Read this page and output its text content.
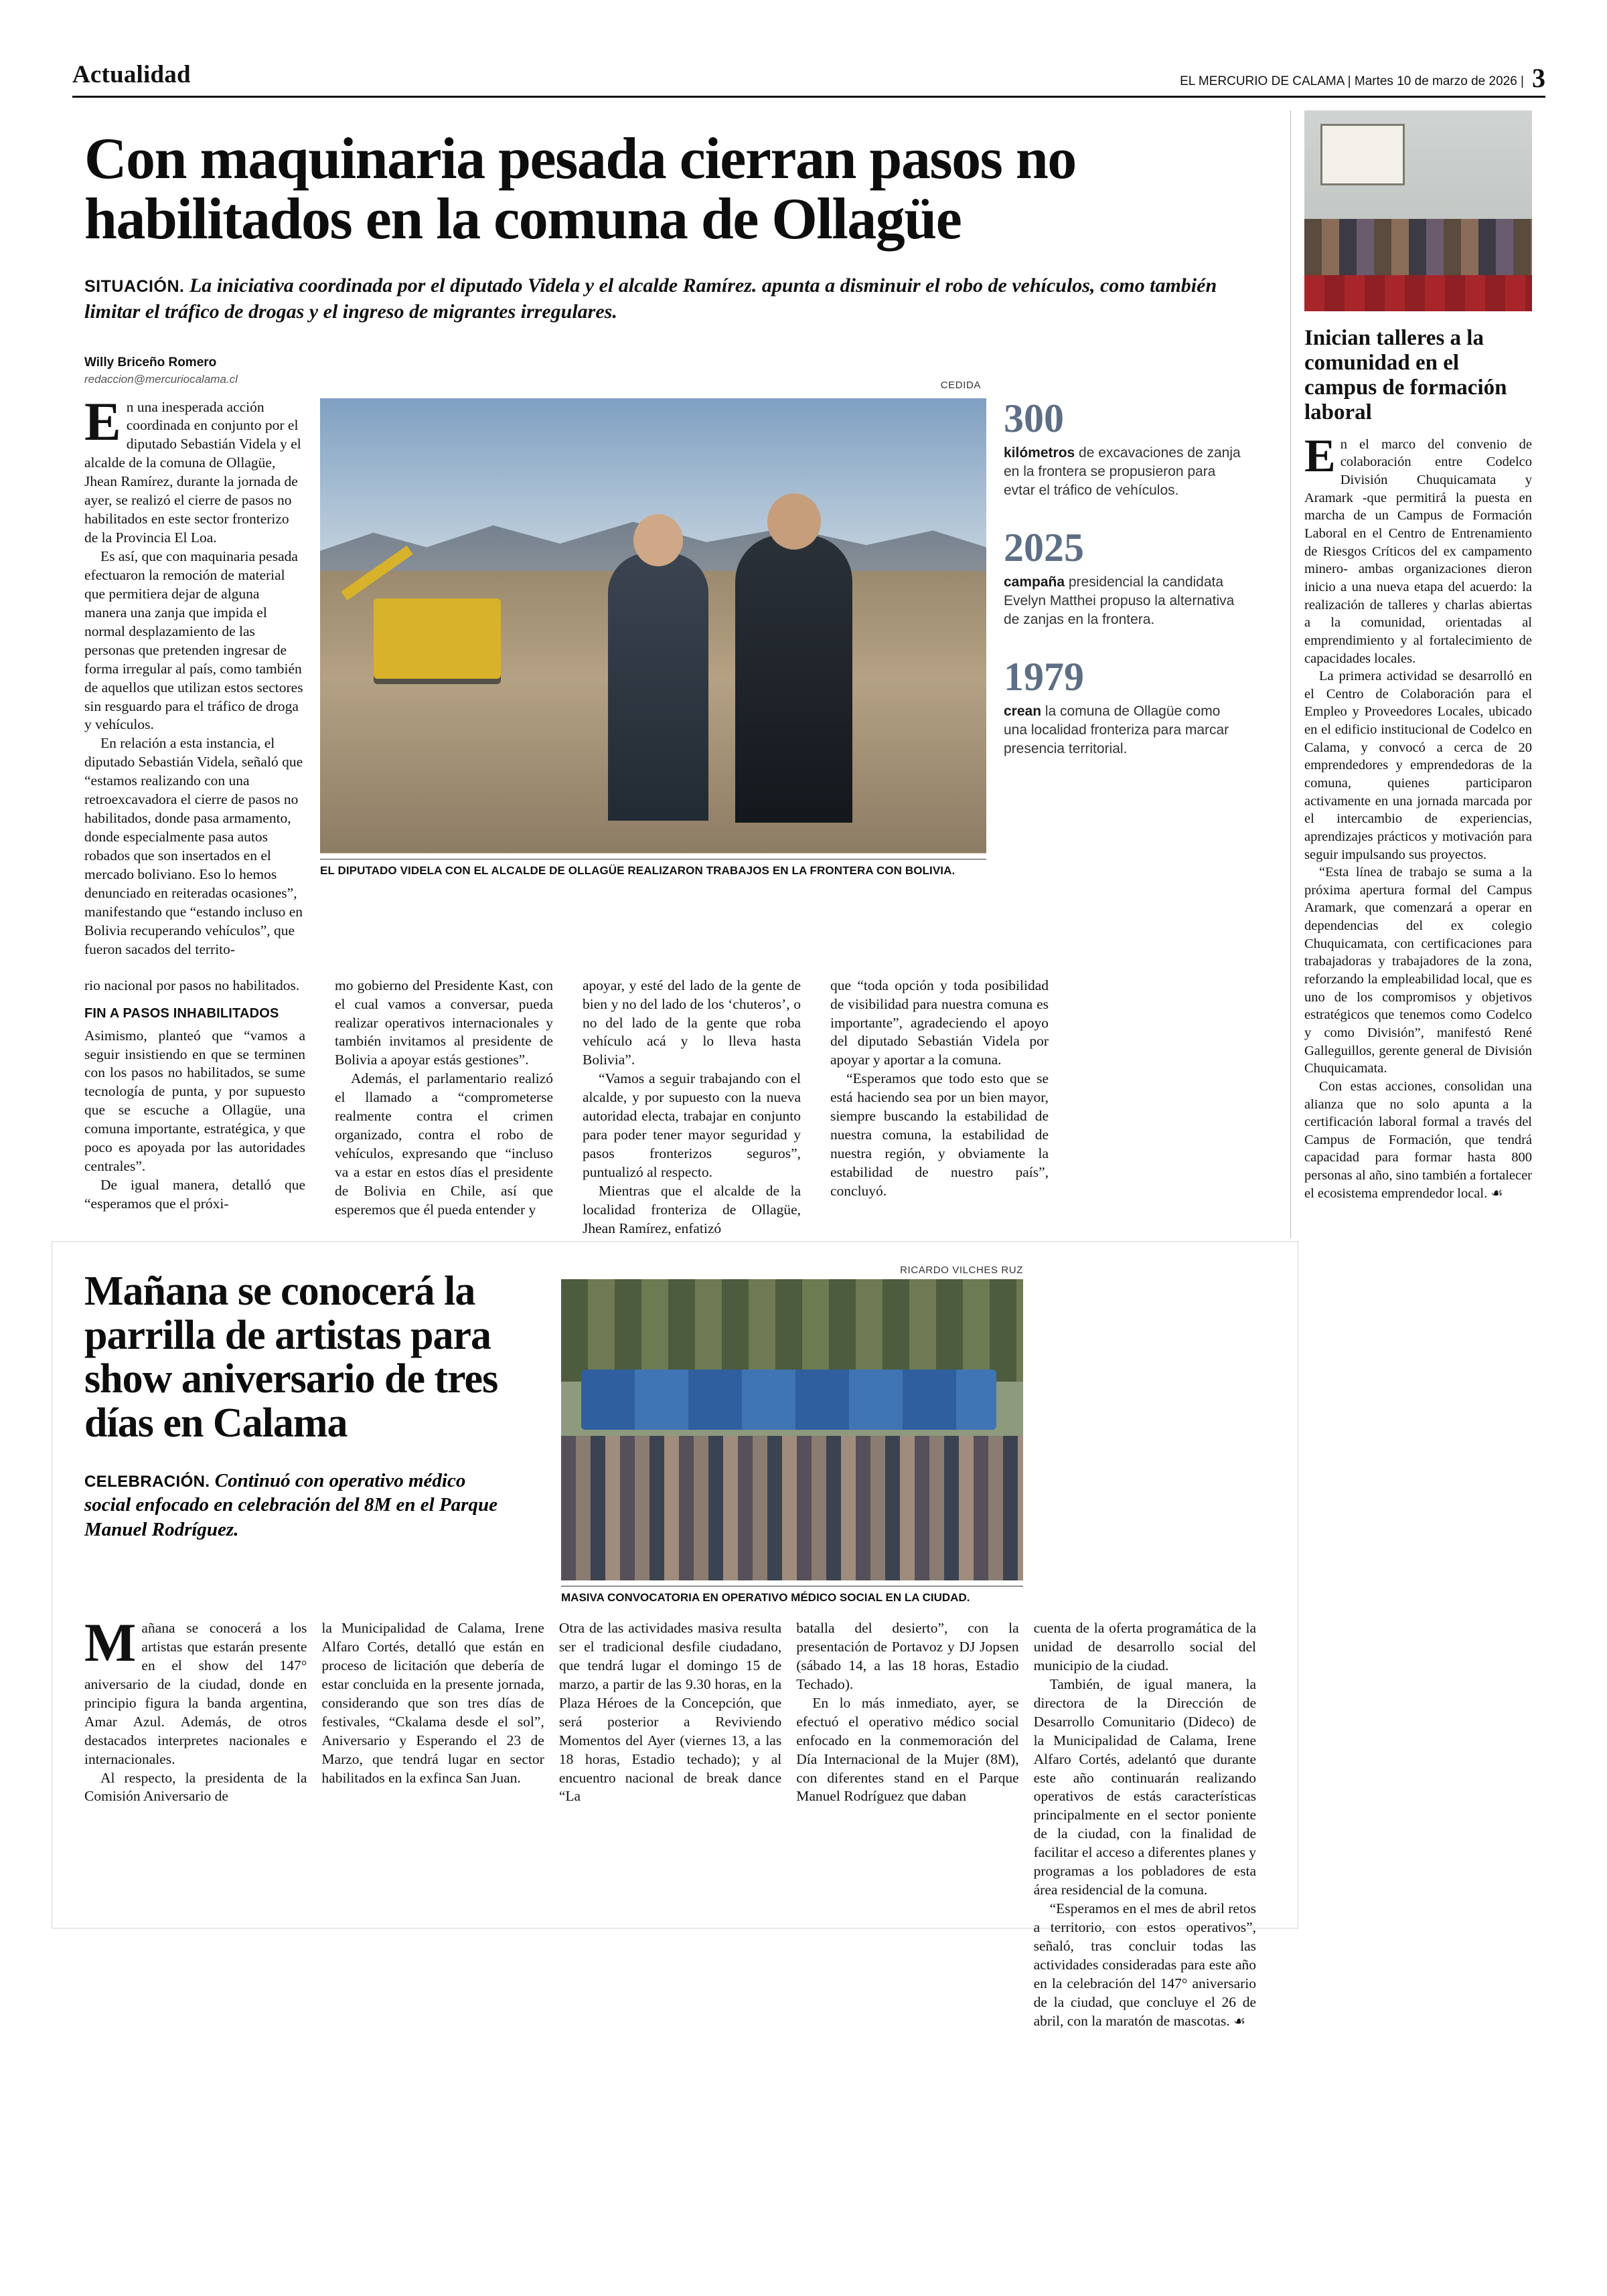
Actualidad	EL MERCURIO DE CALAMA | Martes 10 de marzo de 2026 | 3
Con maquinaria pesada cierran pasos no habilitados en la comuna de Ollagüe
SITUACIÓN. La iniciativa coordinada por el diputado Videla y el alcalde Ramírez. apunta a disminuir el robo de vehículos, como también limitar el tráfico de drogas y el ingreso de migrantes irregulares.
Willy Briceño Romero
redaccion@mercuriocalama.cl

En una inesperada acción coordinada en conjunto por el diputado Sebastián Videla y el alcalde de la comuna de Ollagüe, Jhean Ramírez, durante la jornada de ayer, se realizó el cierre de pasos no habilitados en este sector fronterizo de la Provincia El Loa.

Es así, que con maquinaria pesada efectuaron la remoción de material que permitiera dejar de alguna manera una zanja que impida el normal desplazamiento de las personas que pretenden ingresar de forma irregular al país, como también de aquellos que utilizan estos sectores sin resguardo para el tráfico de droga y vehículos.

En relación a esta instancia, el diputado Sebastián Videla, señaló que “estamos realizando con una retroexcavadora el cierre de pasos no habilitados, donde pasa armamento, donde especialmente pasa autos robados que son insertados en el mercado boliviano. Eso lo hemos denunciado en reiteradas ocasiones”, manifestando que “estando incluso en Bolivia recuperando vehículos”, que fueron sacados del territo-

CEDIDA
EL DIPUTADO VIDELA CON EL ALCALDE DE OLLAGÜE REALIZARON TRABAJOS EN LA FRONTERA CON BOLIVIA.
300
kilómetros de excavaciones de zanja en la frontera se propusieron para evtar el tráfico de vehículos.
2025
campaña presidencial la candidata Evelyn Matthei propuso la alternativa de zanjas en la frontera.
1979
crean la comuna de Ollagüe como una localidad fronteriza para marcar presencia territorial.

rio nacional por pasos no habilitados.

FIN A PASOS INHABILITADOS

Asimismo, planteó que “vamos a seguir insistiendo en que se terminen con los pasos no habilitados, se sume tecnología de punta, y por supuesto que se escuche a Ollagüe, una comuna importante, estratégica, y que poco es apoyada por las autoridades centrales”.

De igual manera, detalló que “esperamos que el próxi-

mo gobierno del Presidente Kast, con el cual vamos a conversar, pueda realizar operativos internacionales y también invitamos al presidente de Bolivia a apoyar estás gestiones”.

Además, el parlamentario realizó el llamado a “comprometerse realmente contra el crimen organizado, contra el robo de vehículos, expresando que “incluso va a estar en estos días el presidente de Bolivia en Chile, así que esperemos que él pueda entender y

apoyar, y esté del lado de la gente de bien y no del lado de los ‘chuteros’, o no del lado de la gente que roba vehículo acá y lo lleva hasta Bolivia”.

“Vamos a seguir trabajando con el alcalde, y por supuesto con la nueva autoridad electa, trabajar en conjunto para poder tener mayor seguridad y pasos fronterizos seguros”, puntualizó al respecto.

Mientras que el alcalde de la localidad fronteriza de Ollagüe, Jhean Ramírez, enfatizó

que “toda opción y toda posibilidad de visibilidad para nuestra comuna es importante”, agradeciendo el apoyo del diputado Sebastián Videla por apoyar y aportar a la comuna.

“Esperamos que todo esto que se está haciendo sea por un bien mayor, siempre buscando la estabilidad de nuestra comuna, la estabilidad de nuestra región, y obviamente la estabilidad de nuestro país”, concluyó.

Inician talleres a la comunidad en el campus de formación laboral

En el marco del convenio de colaboración entre Codelco División Chuquicamata y Aramark -que permitirá la puesta en marcha de un Campus de Formación Laboral en el Centro de Entrenamiento de Riesgos Críticos del ex campamento minero- ambas organizaciones dieron inicio a una nueva etapa del acuerdo: la realización de talleres y charlas abiertas a la comunidad, orientadas al emprendimiento y al fortalecimiento de capacidades locales.

La primera actividad se desarrolló en el Centro de Colaboración para el Empleo y Proveedores Locales, ubicado en el edificio institucional de Codelco en Calama, y convocó a cerca de 20 emprendedores y emprendedoras de la comuna, quienes participaron activamente en una jornada marcada por el intercambio de experiencias, aprendizajes prácticos y motivación para seguir impulsando sus proyectos.

“Esta línea de trabajo se suma a la próxima apertura formal del Campus Aramark, que comenzará a operar en dependencias del ex colegio Chuquicamata, con certificaciones para trabajadoras y trabajadores de la zona, reforzando la empleabilidad local, que es uno de los compromisos y objetivos estratégicos que tenemos como Codelco y como División”, manifestó René Galleguillos, gerente general de División Chuquicamata.

Con estas acciones, consolidan una alianza que no solo apunta a la certificación laboral formal a través del Campus de Formación, que tendrá capacidad para formar hasta 800 personas al año, sino también a fortalecer el ecosistema emprendedor local. ☙

Mañana se conocerá la parrilla de artistas para show aniversario de tres días en Calama
CELEBRACIÓN. Continuó con operativo médico social enfocado en celebración del 8M en el Parque Manuel Rodríguez.
RICARDO VILCHES RUZ
MASIVA CONVOCATORIA EN OPERATIVO MÉDICO SOCIAL EN LA CIUDAD.

Mañana se conocerá a los artistas que estarán presente en el show del 147° aniversario de la ciudad, donde en principio figura la banda argentina, Amar Azul. Además, de otros destacados interpretes nacionales e internacionales.

Al respecto, la presidenta de la Comisión Aniversario de

la Municipalidad de Calama, Irene Alfaro Cortés, detalló que están en proceso de licitación que debería de estar concluida en la presente jornada, considerando que son tres días de festivales, “Ckalama desde el sol”, Aniversario y Esperando el 23 de Marzo, que tendrá lugar en sector habilitados en la exfinca San Juan.

Otra de las actividades masiva resulta ser el tradicional desfile ciudadano, que tendrá lugar el domingo 15 de marzo, a partir de las 9.30 horas, en la Plaza Héroes de la Concepción, que será posterior a Reviviendo Momentos del Ayer (viernes 13, a las 18 horas, Estadio techado); y al encuentro nacional de break dance “La

batalla del desierto”, con la presentación de Portavoz y DJ Jopsen (sábado 14, a las 18 horas, Estadio Techado).

En lo más inmediato, ayer, se efectuó el operativo médico social enfocado en la conmemoración del Día Internacional de la Mujer (8M), con diferentes stand en el Parque Manuel Rodríguez que daban

cuenta de la oferta programática de la unidad de desarrollo social del municipio de la ciudad.

También, de igual manera, la directora de la Dirección de Desarrollo Comunitario (Dideco) de la Municipalidad de Calama, Irene Alfaro Cortés, adelantó que durante este año continuarán realizando operativos de estás características principalmente en el sector poniente de la ciudad, con la finalidad de facilitar el acceso a diferentes planes y programas a los pobladores de esta área residencial de la comuna.

“Esperamos en el mes de abril retos a territorio, con estos operativos”, señaló, tras concluir todas las actividades consideradas para este año en la celebración del 147° aniversario de la ciudad, que concluye el 26 de abril, con la maratón de mascotas. ☙
